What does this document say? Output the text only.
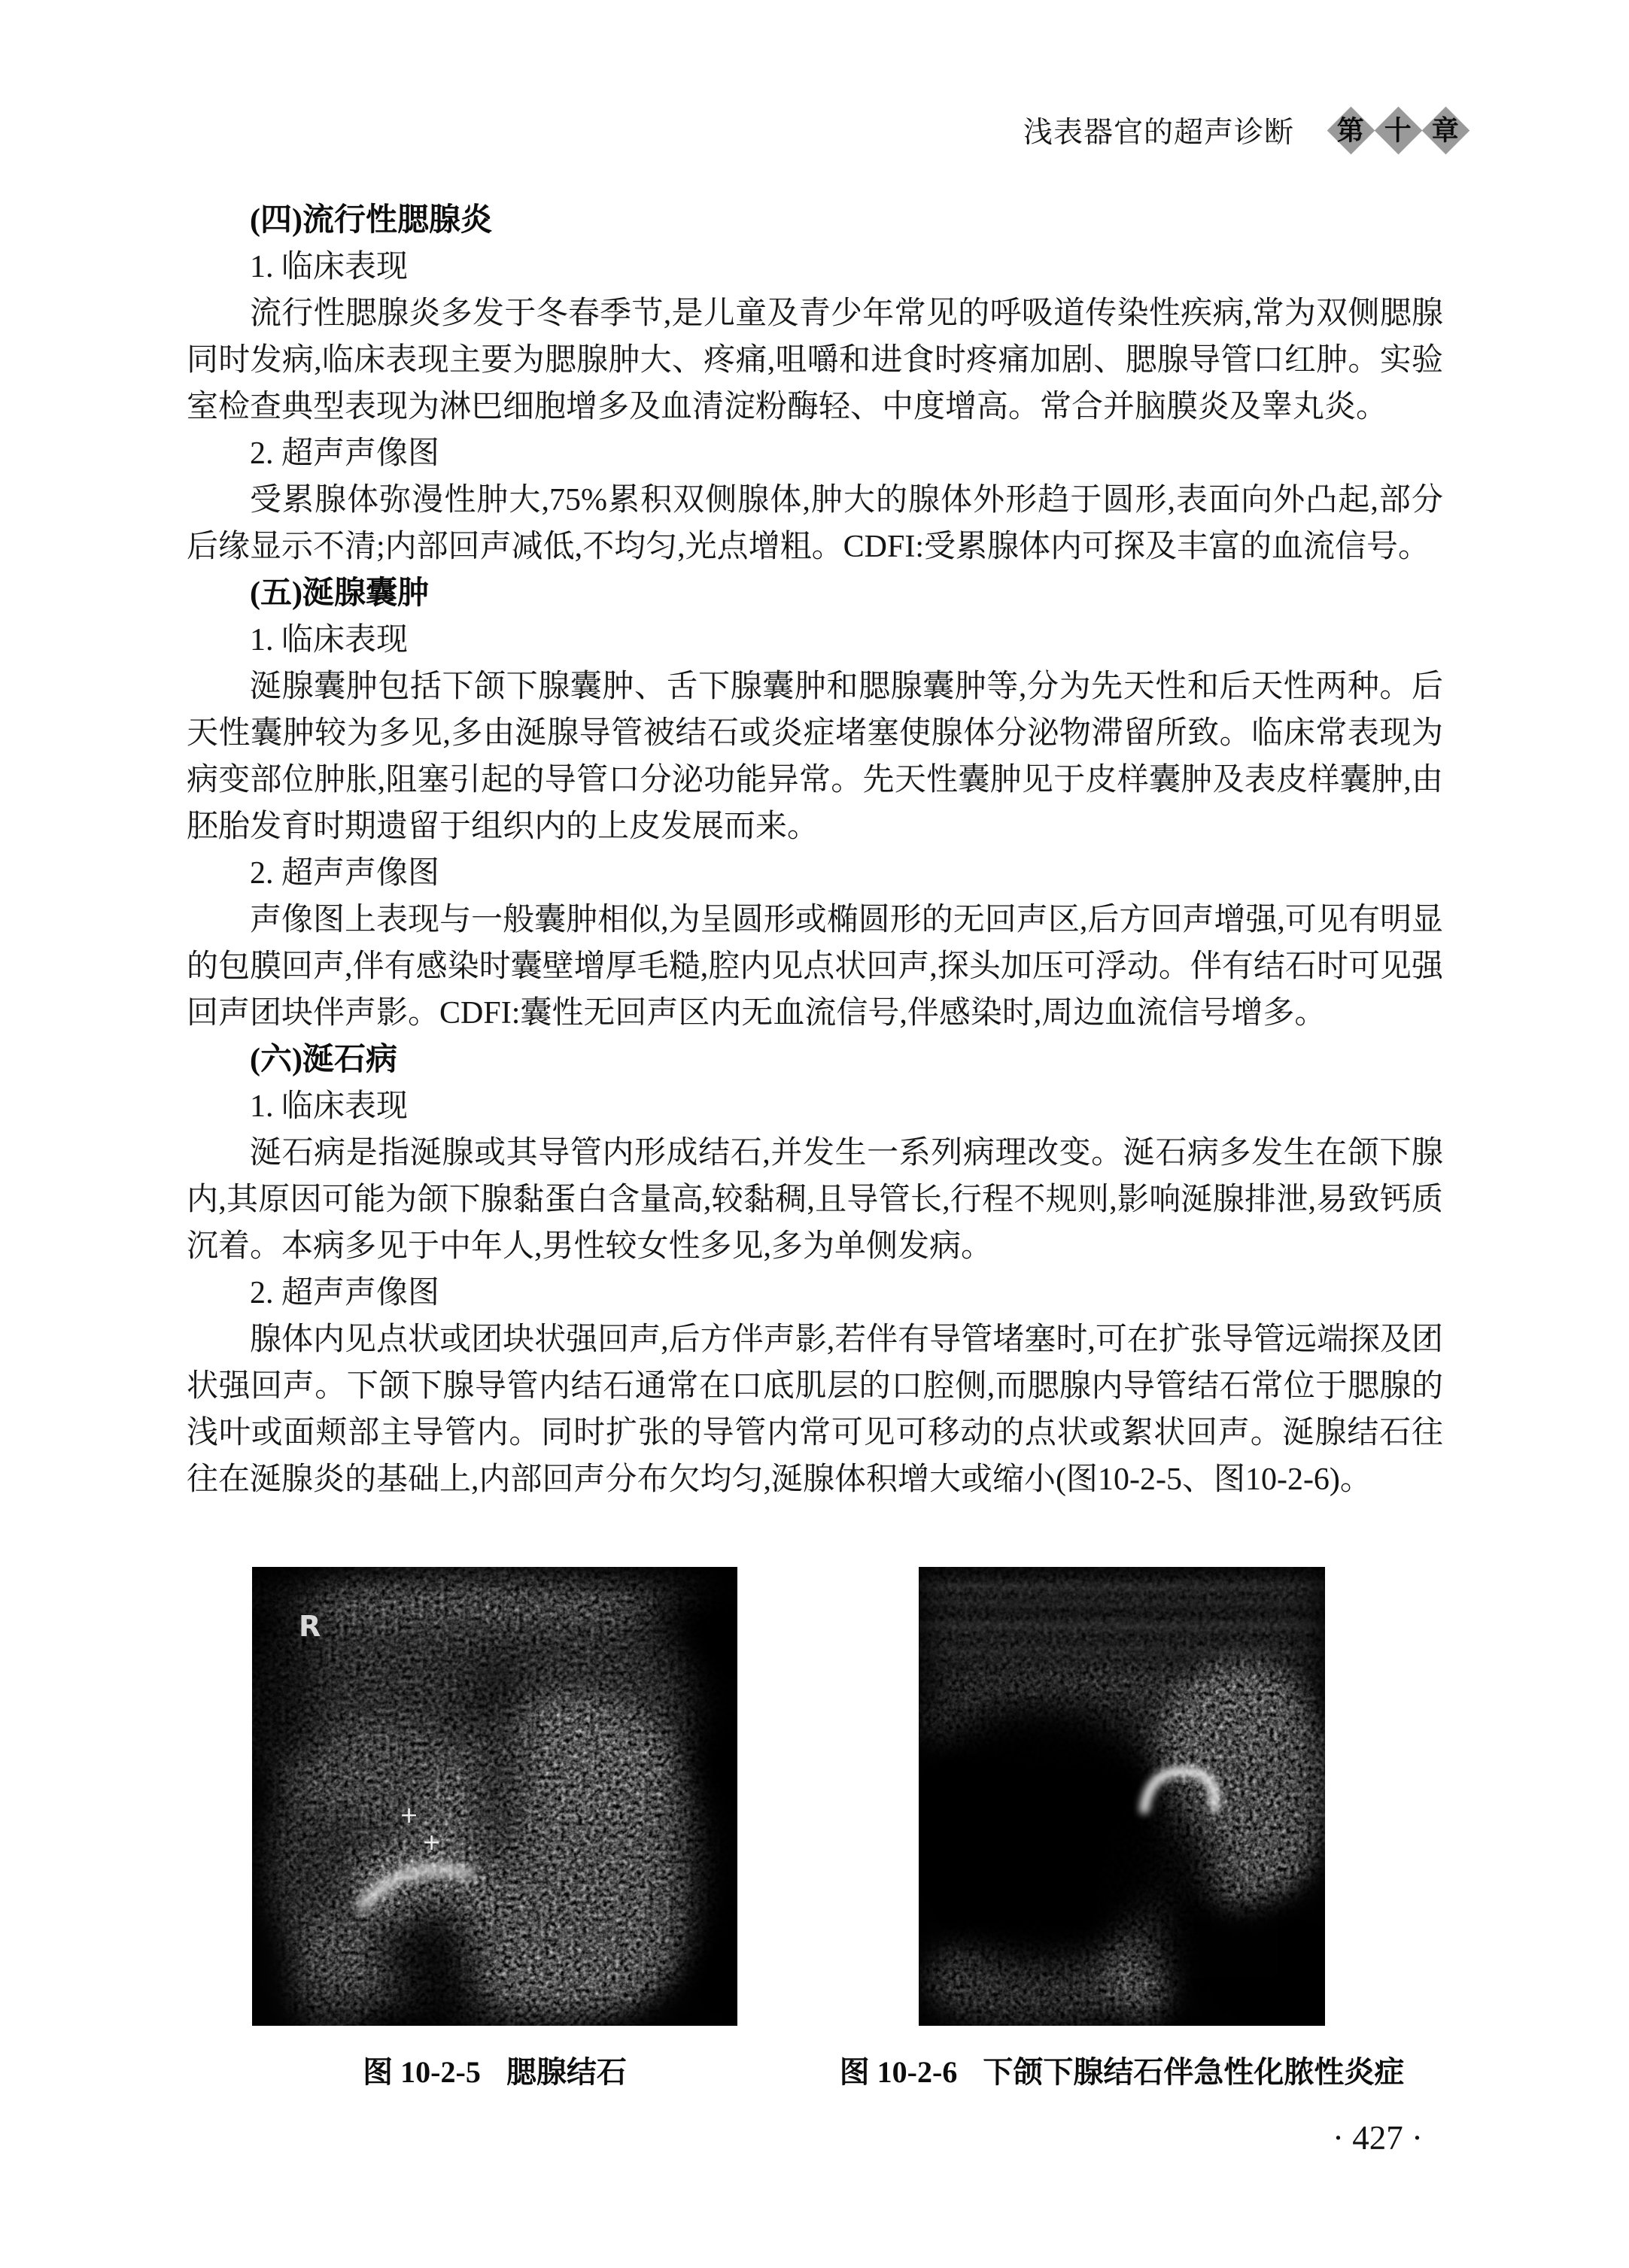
浅表器官的超声诊断 第 十 章

(四)流行性腮腺炎

1. 临床表现

流行性腮腺炎多发于冬春季节,是儿童及青少年常见的呼吸道传染性疾病,常为双侧腮腺同时发病,临床表现主要为腮腺肿大、疼痛,咀嚼和进食时疼痛加剧、腮腺导管口红肿。实验室检查典型表现为淋巴细胞增多及血清淀粉酶轻、中度增高。常合并脑膜炎及睾丸炎。

2. 超声声像图

受累腺体弥漫性肿大,75%累积双侧腺体,肿大的腺体外形趋于圆形,表面向外凸起,部分后缘显示不清;内部回声减低,不均匀,光点增粗。CDFI:受累腺体内可探及丰富的血流信号。

(五)涎腺囊肿

1. 临床表现

涎腺囊肿包括下颌下腺囊肿、舌下腺囊肿和腮腺囊肿等,分为先天性和后天性两种。后天性囊肿较为多见,多由涎腺导管被结石或炎症堵塞使腺体分泌物滞留所致。临床常表现为病变部位肿胀,阻塞引起的导管口分泌功能异常。先天性囊肿见于皮样囊肿及表皮样囊肿,由胚胎发育时期遗留于组织内的上皮发展而来。

2. 超声声像图

声像图上表现与一般囊肿相似,为呈圆形或椭圆形的无回声区,后方回声增强,可见有明显的包膜回声,伴有感染时囊壁增厚毛糙,腔内见点状回声,探头加压可浮动。伴有结石时可见强回声团块伴声影。CDFI:囊性无回声区内无血流信号,伴感染时,周边血流信号增多。

(六)涎石病

1. 临床表现

涎石病是指涎腺或其导管内形成结石,并发生一系列病理改变。涎石病多发生在颌下腺内,其原因可能为颌下腺黏蛋白含量高,较黏稠,且导管长,行程不规则,影响涎腺排泄,易致钙质沉着。本病多见于中年人,男性较女性多见,多为单侧发病。

2. 超声声像图

腺体内见点状或团块状强回声,后方伴声影,若伴有导管堵塞时,可在扩张导管远端探及团状强回声。下颌下腺导管内结石通常在口底肌层的口腔侧,而腮腺内导管结石常位于腮腺的浅叶或面颊部主导管内。同时扩张的导管内常可见可移动的点状或絮状回声。涎腺结石往往在涎腺炎的基础上,内部回声分布欠均匀,涎腺体积增大或缩小(图10-2-5、图10-2-6)。

R
+
+
图 10-2-5 腮腺结石	图 10-2-6 下颌下腺结石伴急性化脓性炎症
· 427 ·
